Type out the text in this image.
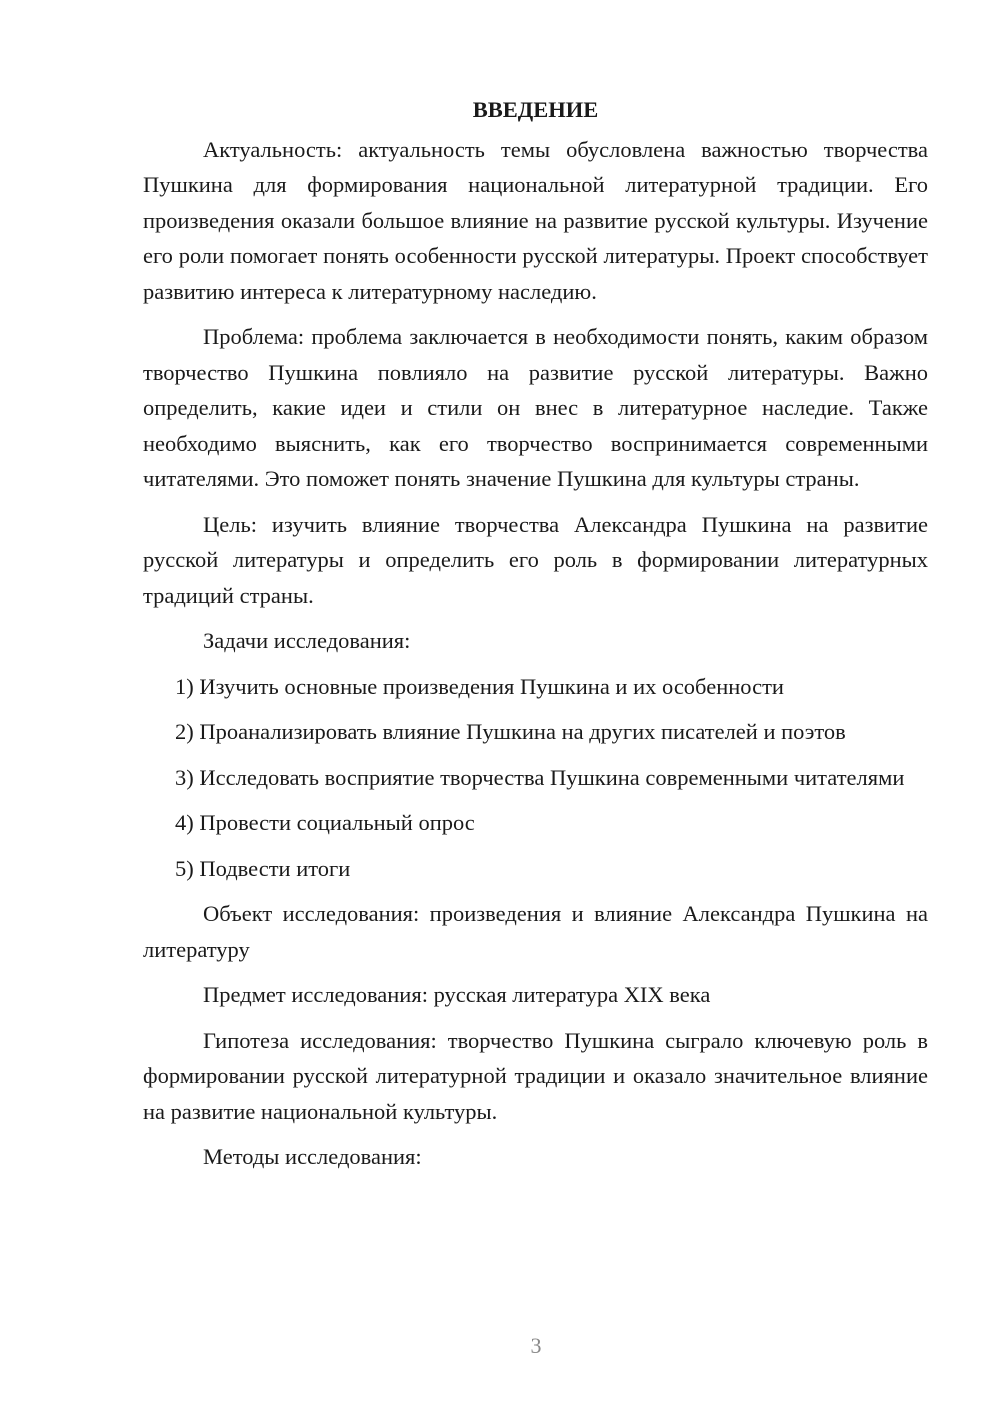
ВВЕДЕНИЕ

Актуальность: актуальность темы обусловлена важностью творчества Пушкина для формирования национальной литературной традиции. Его произведения оказали большое влияние на развитие русской культуры. Изучение его роли помогает понять особенности русской литературы. Проект способствует развитию интереса к литературному наследию.

Проблема: проблема заключается в необходимости понять, каким образом творчество Пушкина повлияло на развитие русской литературы. Важно определить, какие идеи и стили он внес в литературное наследие. Также необходимо выяснить, как его творчество воспринимается современными читателями. Это поможет понять значение Пушкина для культуры страны.

Цель: изучить влияние творчества Александра Пушкина на развитие русской литературы и определить его роль в формировании литературных традиций страны.

Задачи исследования:

1) Изучить основные произведения Пушкина и их особенности

2) Проанализировать влияние Пушкина на других писателей и поэтов

3) Исследовать восприятие творчества Пушкина современными читателями

4) Провести социальный опрос

5) Подвести итоги

Объект исследования: произведения и влияние Александра Пушкина на литературу

Предмет исследования: русская литература XIX века

Гипотеза исследования: творчество Пушкина сыграло ключевую роль в формировании русской литературной традиции и оказало значительное влияние на развитие национальной культуры.

Методы исследования:

3
